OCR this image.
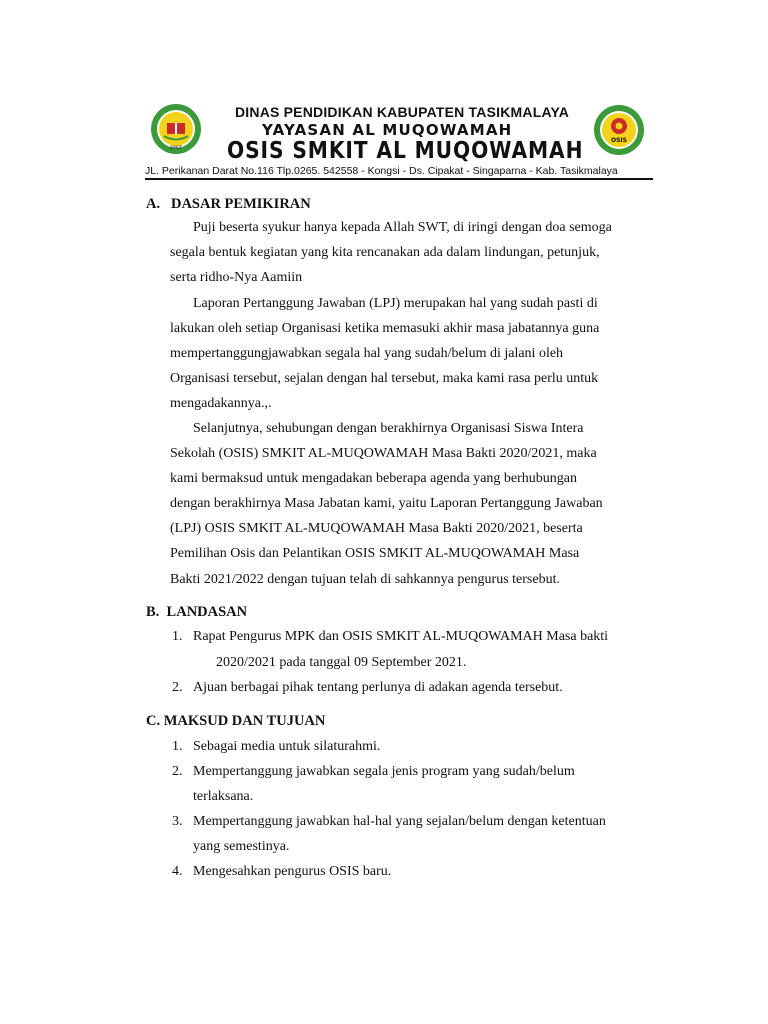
SMKIT
DINAS PENDIDIKAN KABUPATEN TASIKMALAYA
YAYASAN AL MUQOWAMAH
OSIS SMKIT AL MUQOWAMAH	OSIS
JL. Perikanan Darat No.116 Tlp.0265. 542558 - Kongsi - Ds. Cipakat - Singaparna - Kab. Tasikmalaya
A.   DASAR PEMIKIRAN
Puji beserta syukur hanya kepada Allah SWT, di iringi dengan doa semoga
segala bentuk kegiatan yang kita rencanakan ada dalam lindungan, petunjuk,
serta ridho-Nya Aamiin
Laporan Pertanggung Jawaban (LPJ) merupakan hal yang sudah pasti di
lakukan oleh setiap Organisasi ketika memasuki akhir masa jabatannya guna
mempertanggungjawabkan segala hal yang sudah/belum di jalani oleh
Organisasi tersebut, sejalan dengan hal tersebut, maka kami rasa perlu untuk
mengadakannya.,.
Selanjutnya, sehubungan dengan berakhirnya Organisasi Siswa Intera
Sekolah (OSIS) SMKIT AL-MUQOWAMAH Masa Bakti 2020/2021, maka
kami bermaksud untuk mengadakan beberapa agenda yang berhubungan
dengan berakhirnya Masa Jabatan kami, yaitu Laporan Pertanggung Jawaban
(LPJ) OSIS SMKIT AL-MUQOWAMAH Masa Bakti 2020/2021, beserta
Pemilihan Osis dan Pelantikan OSIS SMKIT AL-MUQOWAMAH Masa
Bakti 2021/2022 dengan tujuan telah di sahkannya pengurus tersebut.
B.  LANDASAN
1. Rapat Pengurus MPK dan OSIS SMKIT AL-MUQOWAMAH Masa bakti
2020/2021 pada tanggal 09 September 2021.
2. Ajuan berbagai pihak tentang perlunya di adakan agenda tersebut.
C. MAKSUD DAN TUJUAN
1. Sebagai media untuk silaturahmi.
2. Mempertanggung jawabkan segala jenis program yang sudah/belum
terlaksana.
3. Mempertanggung jawabkan hal-hal yang sejalan/belum dengan ketentuan
yang semestinya.
4. Mengesahkan pengurus OSIS baru.
